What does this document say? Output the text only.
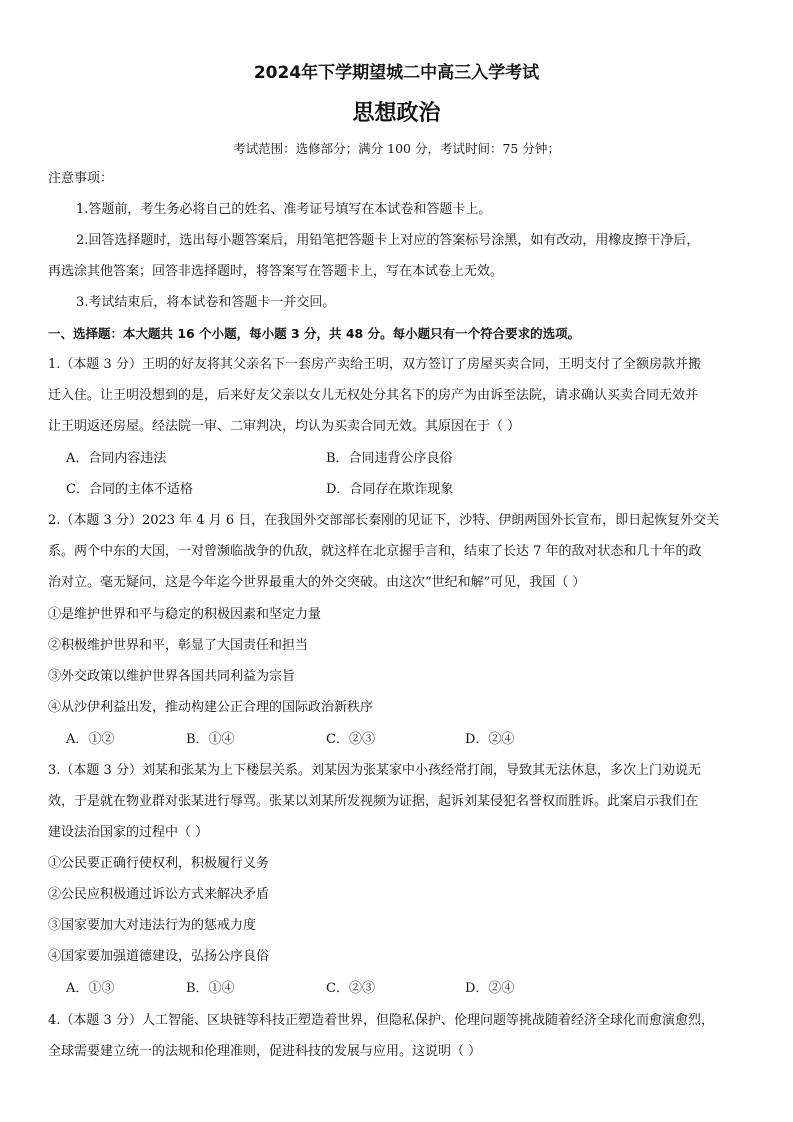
2024年下学期望城二中高三入学考试
思想政治
考试范围：选修部分；满分 100 分，考试时间：75 分钟；
注意事项：
1.答题前，考生务必将自己的姓名、准考证号填写在本试卷和答题卡上。
2.回答选择题时，选出每小题答案后，用铅笔把答题卡上对应的答案标号涂黑，如有改动，用橡皮擦干净后，
再选涂其他答案；回答非选择题时，将答案写在答题卡上，写在本试卷上无效。
3.考试结束后，将本试卷和答题卡一并交回。
一、选择题：本大题共 16 个小题，每小题 3 分，共 48 分。每小题只有一个符合要求的选项。
1.（本题 3 分）王明的好友将其父亲名下一套房产卖给王明，双方签订了房屋买卖合同，王明支付了全额房款并搬
迁入住。让王明没想到的是，后来好友父亲以女儿无权处分其名下的房产为由诉至法院，请求确认买卖合同无效并
让王明返还房屋。经法院一审、二审判决，均认为买卖合同无效。其原因在于（ ）
A．合同内容违法	B．合同违背公序良俗
C．合同的主体不适格	D．合同存在欺诈现象
2.（本题 3 分）2023 年 4 月 6 日，在我国外交部部长秦刚的见证下，沙特、伊朗两国外长宣布，即日起恢复外交关
系。两个中东的大国，一对曾濒临战争的仇敌，就这样在北京握手言和，结束了长达 7 年的敌对状态和几十年的政
治对立。毫无疑问，这是今年迄今世界最重大的外交突破。由这次“世纪和解”可见，我国（ ）
①是维护世界和平与稳定的积极因素和坚定力量
②积极维护世界和平，彰显了大国责任和担当
③外交政策以维护世界各国共同利益为宗旨
④从沙伊利益出发，推动构建公正合理的国际政治新秩序
A．①②	B．①④	C．②③	D．②④
3.（本题 3 分）刘某和张某为上下楼层关系。刘某因为张某家中小孩经常打闹，导致其无法休息，多次上门劝说无
效，于是就在物业群对张某进行辱骂。张某以刘某所发视频为证据，起诉刘某侵犯名誉权而胜诉。此案启示我们在
建设法治国家的过程中（ ）
①公民要正确行使权利，积极履行义务
②公民应积极通过诉讼方式来解决矛盾
③国家要加大对违法行为的惩戒力度
④国家要加强道德建设，弘扬公序良俗
A．①③	B．①④	C．②③	D．②④
4.（本题 3 分）人工智能、区块链等科技正塑造着世界，但隐私保护、伦理问题等挑战随着经济全球化而愈演愈烈，
全球需要建立统一的法规和伦理准则，促进科技的发展与应用。这说明（ ）
